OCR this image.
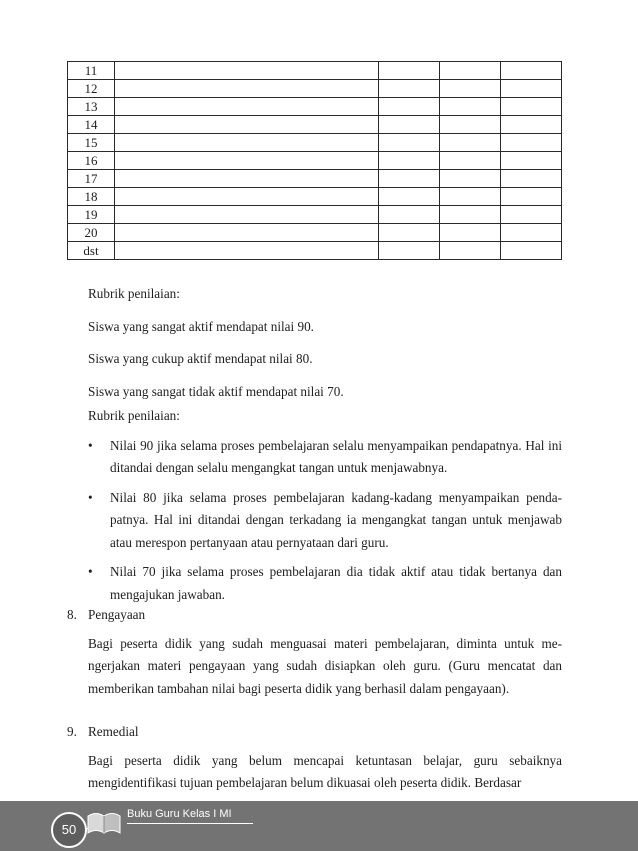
11				
12				
13				
14				
15				
16				
17				
18				
19				
20				
dst				

Rubrik penilaian:

Siswa yang sangat aktif mendapat nilai 90.

Siswa yang cukup aktif mendapat nilai 80.

Siswa yang sangat tidak aktif mendapat nilai 70.

Rubrik penilaian:

• Nilai 90 jika selama proses pembelajaran selalu menyampaikan pendapatnya. Hal ini ditandai dengan selalu mengangkat tangan untuk menjawabnya.
• Nilai 80 jika selama proses pembelajaran kadang-kadang menyampaikan penda-patnya. Hal ini ditandai dengan terkadang ia mengangkat tangan untuk menjawab atau merespon pertanyaan atau pernyataan dari guru.
• Nilai 70 jika selama proses pembelajaran dia tidak aktif atau tidak bertanya dan mengajukan jawaban.

8. Pengayaan

Bagi peserta didik yang sudah menguasai materi pembelajaran, diminta untuk me-ngerjakan materi pengayaan yang sudah disiapkan oleh guru. (Guru mencatat dan memberikan tambahan nilai bagi peserta didik yang berhasil dalam pengayaan).

9. Remedial

Bagi peserta didik yang belum mencapai ketuntasan belajar, guru sebaiknya mengidentifikasi tujuan pembelajaran belum dikuasai oleh peserta didik. Berdasar

50
Buku Guru Kelas I MI
